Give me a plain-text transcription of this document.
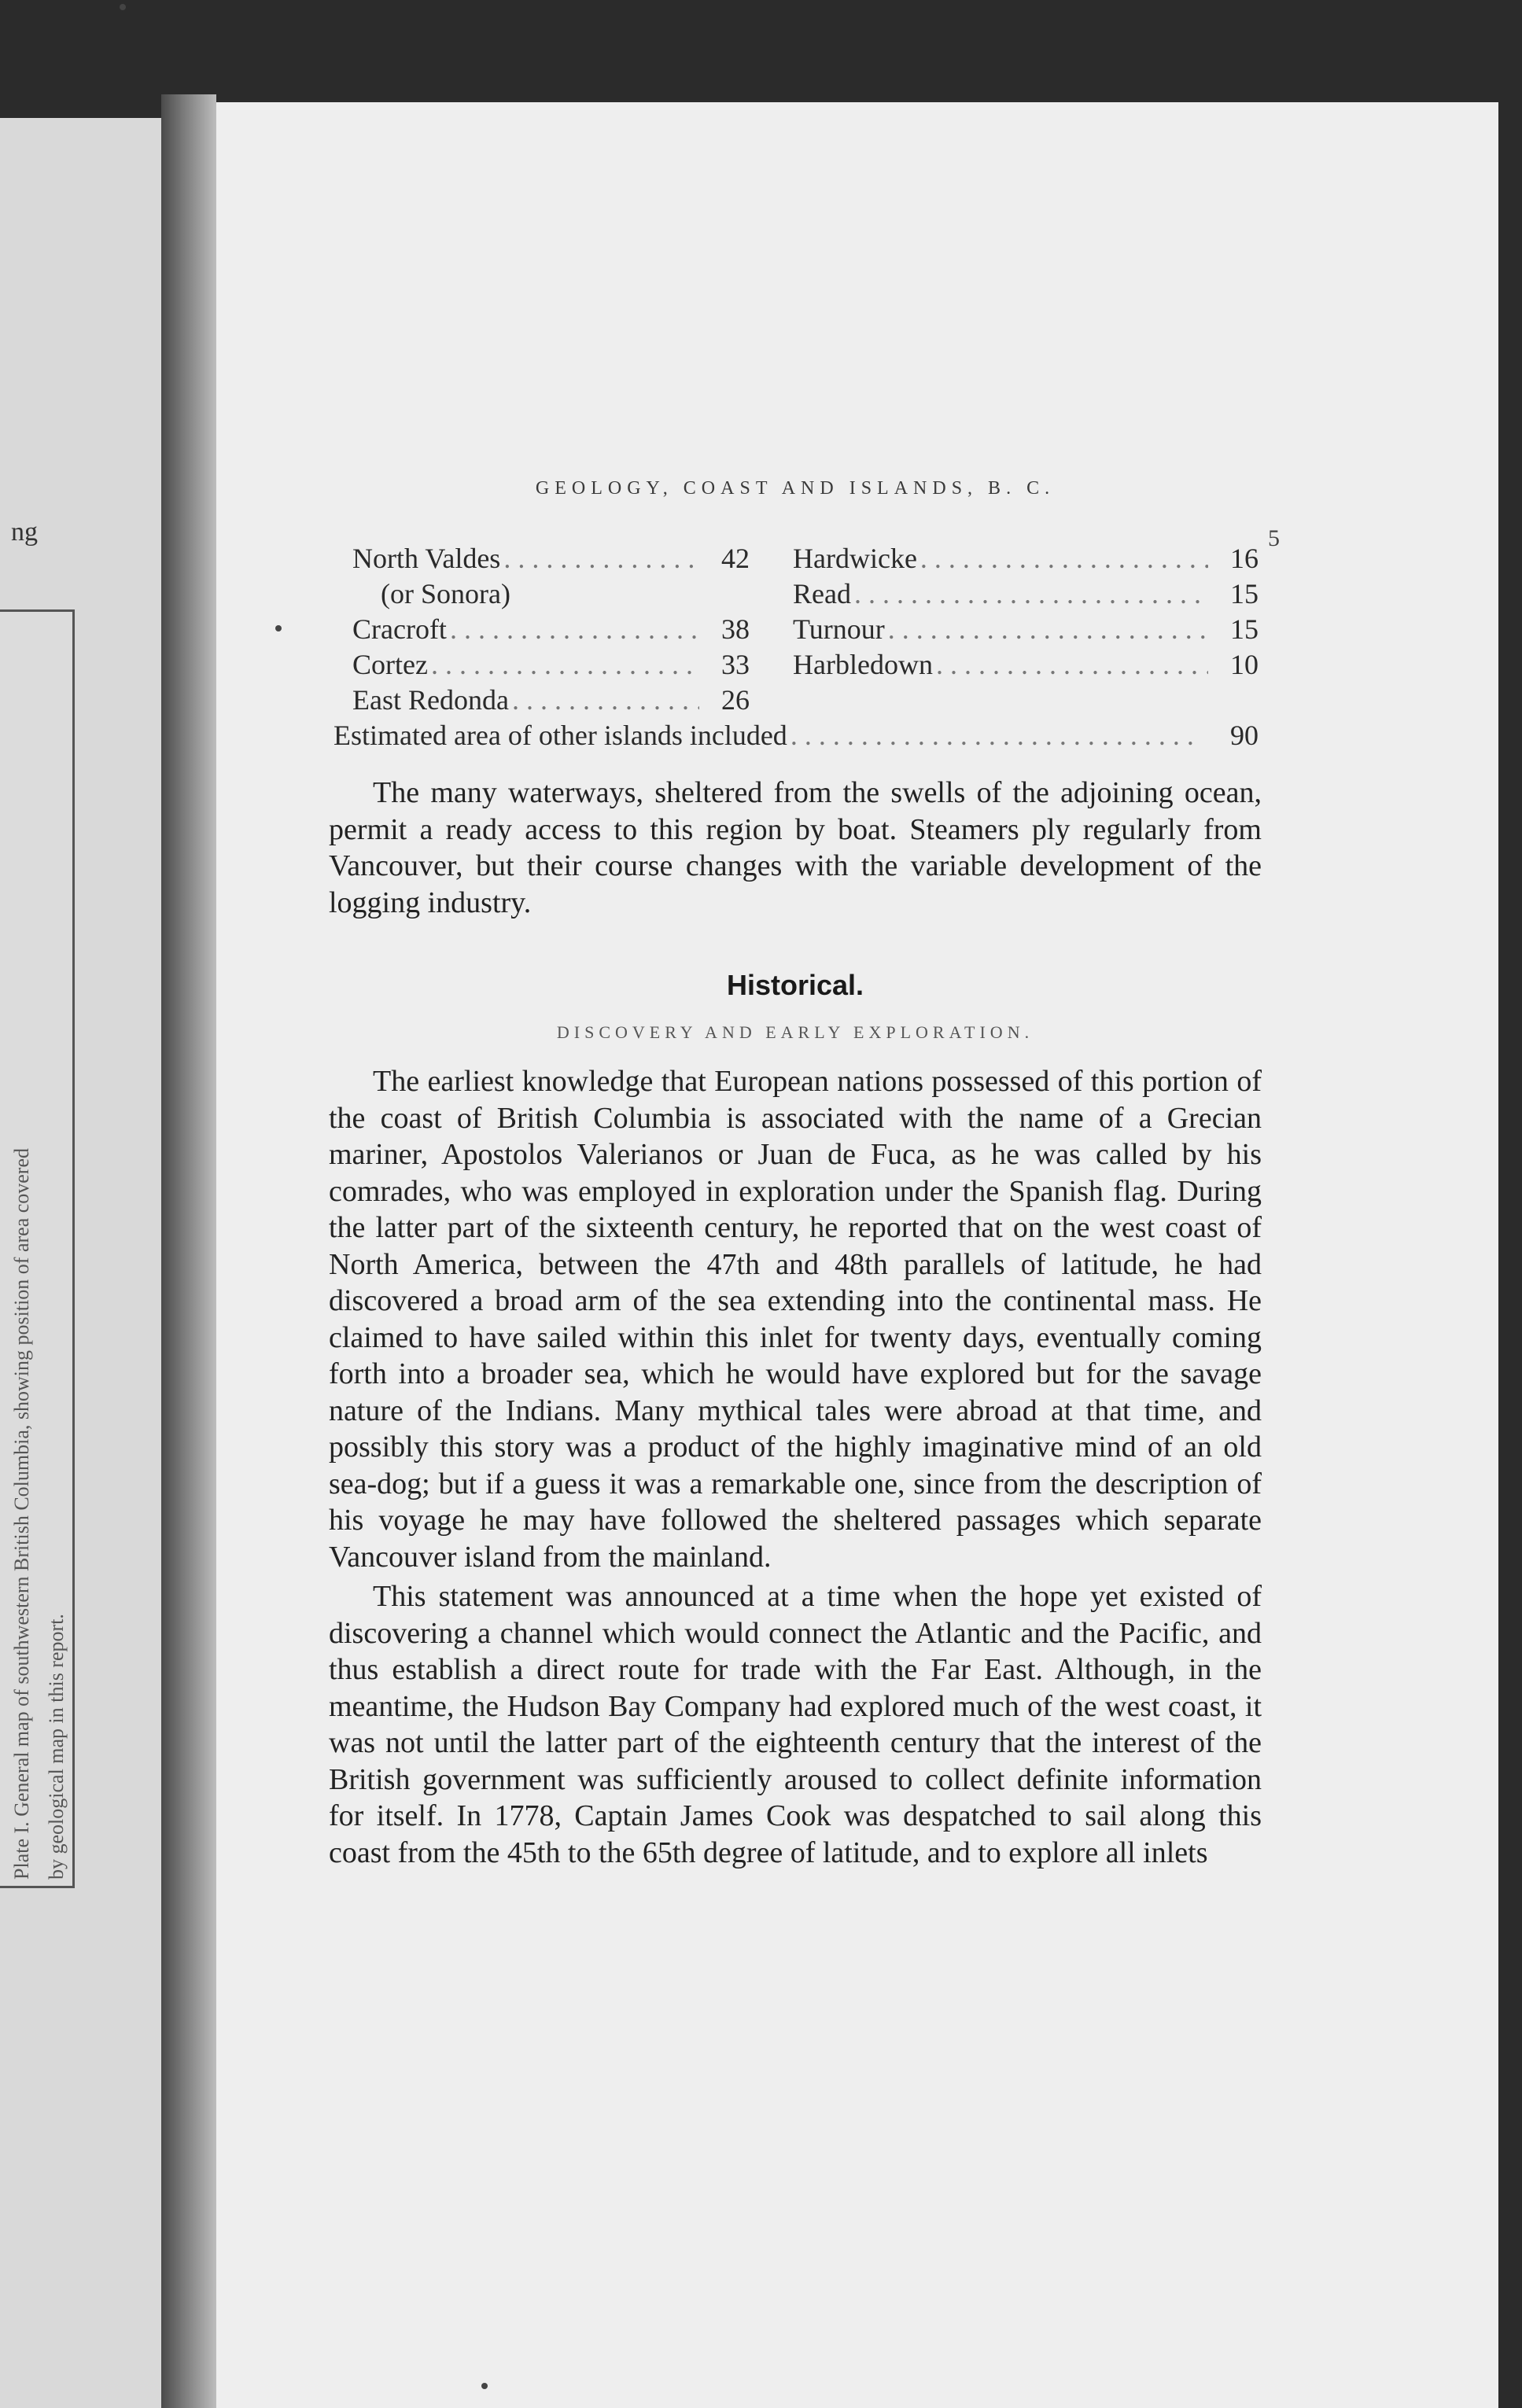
ng
Plate I. General map of southwestern British Columbia, showing position of area covered by geological map in this report.
GEOLOGY, COAST AND ISLANDS, B. C.
5
North Valdes . . .	42
(or Sonora)
Cracroft . . .	38
Cortez . . .	33
East Redonda . . .	26
Hardwicke . . .	16
Read . . .	15
Turnour . . .	15
Harbledown . . .	10
Estimated area of other islands included . . .	90

The many waterways, sheltered from the swells of the adjoining ocean, permit a ready access to this region by boat. Steamers ply regularly from Vancouver, but their course changes with the variable development of the logging industry.

Historical.
DISCOVERY AND EARLY EXPLORATION.

The earliest knowledge that European nations possessed of this portion of the coast of British Columbia is associated with the name of a Grecian mariner, Apostolos Valerianos or Juan de Fuca, as he was called by his comrades, who was employed in exploration under the Spanish flag. During the latter part of the sixteenth century, he reported that on the west coast of North America, between the 47th and 48th parallels of latitude, he had discovered a broad arm of the sea extending into the continental mass. He claimed to have sailed within this inlet for twenty days, eventually coming forth into a broader sea, which he would have explored but for the savage nature of the Indians. Many mythical tales were abroad at that time, and possibly this story was a product of the highly imaginative mind of an old sea-dog; but if a guess it was a remarkable one, since from the description of his voyage he may have followed the sheltered passages which separate Vancouver island from the mainland.

This statement was announced at a time when the hope yet existed of discovering a channel which would connect the Atlantic and the Pacific, and thus establish a direct route for trade with the Far East. Although, in the meantime, the Hudson Bay Company had explored much of the west coast, it was not until the latter part of the eighteenth century that the interest of the British government was sufficiently aroused to collect definite information for itself. In 1778, Captain James Cook was despatched to sail along this coast from the 45th to the 65th degree of latitude, and to explore all inlets
